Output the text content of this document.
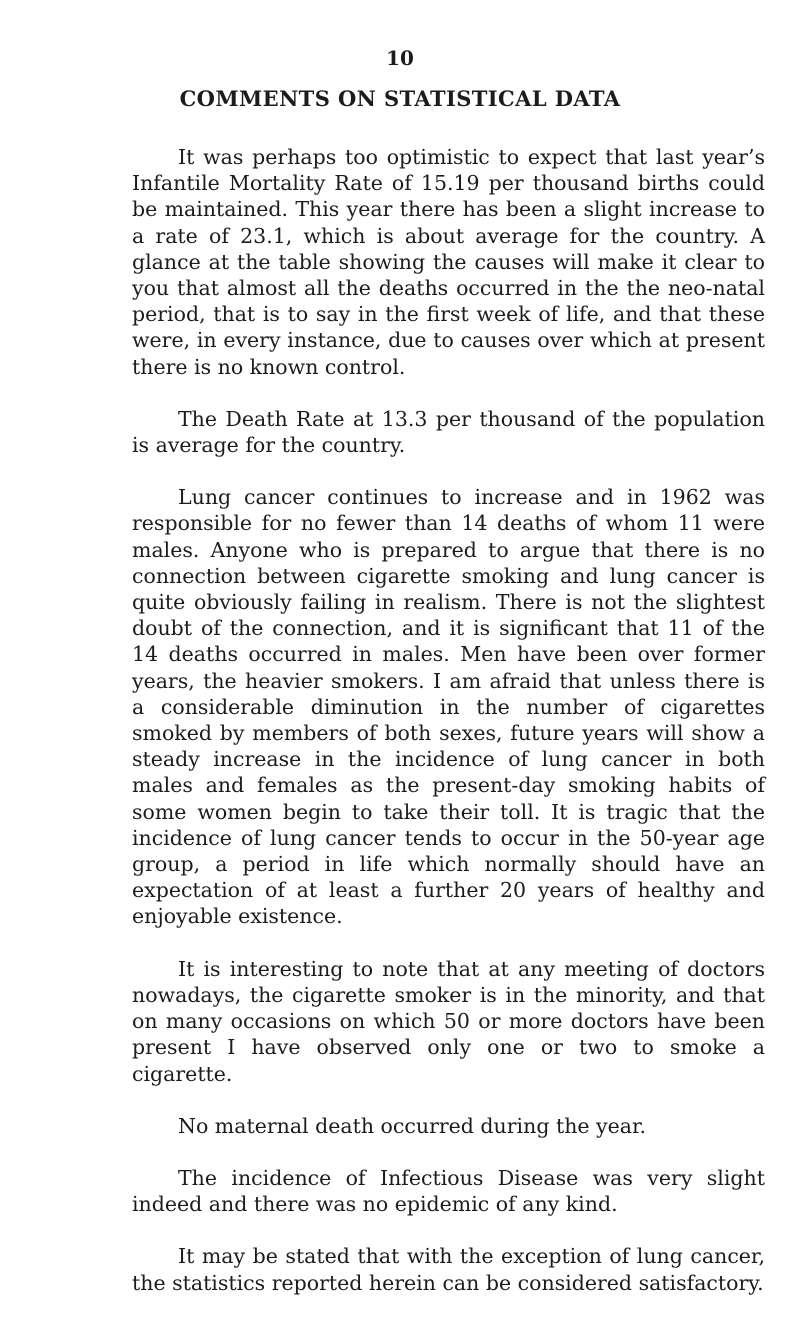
10
COMMENTS ON STATISTICAL DATA

It was perhaps too optimistic to expect that last year’s Infantile Mortality Rate of 15.19 per thousand births could be maintained. This year there has been a slight increase to a rate of 23.1, which is about average for the country. A glance at the table showing the causes will make it clear to you that almost all the deaths occurred in the the neo-natal period, that is to say in the first week of life, and that these were, in every instance, due to causes over which at present there is no known control.

The Death Rate at 13.3 per thousand of the population is average for the country.

Lung cancer continues to increase and in 1962 was responsible for no fewer than 14 deaths of whom 11 were males. Anyone who is prepared to argue that there is no connection between cigarette smoking and lung cancer is quite obviously failing in realism. There is not the slightest doubt of the connection, and it is significant that 11 of the 14 deaths occurred in males. Men have been over former years, the heavier smokers. I am afraid that unless there is a considerable diminution in the number of cigarettes smoked by members of both sexes, future years will show a steady increase in the incidence of lung cancer in both males and females as the present-day smoking habits of some women begin to take their toll. It is tragic that the incidence of lung cancer tends to occur in the 50-year age group, a period in life which normally should have an expectation of at least a further 20 years of healthy and enjoyable existence.

It is interesting to note that at any meeting of doctors nowadays, the cigarette smoker is in the minority, and that on many occasions on which 50 or more doctors have been present I have observed only one or two to smoke a cigarette.

No maternal death occurred during the year.

The incidence of Infectious Disease was very slight indeed and there was no epidemic of any kind.

It may be stated that with the exception of lung cancer, the statistics reported herein can be considered satisfactory.
